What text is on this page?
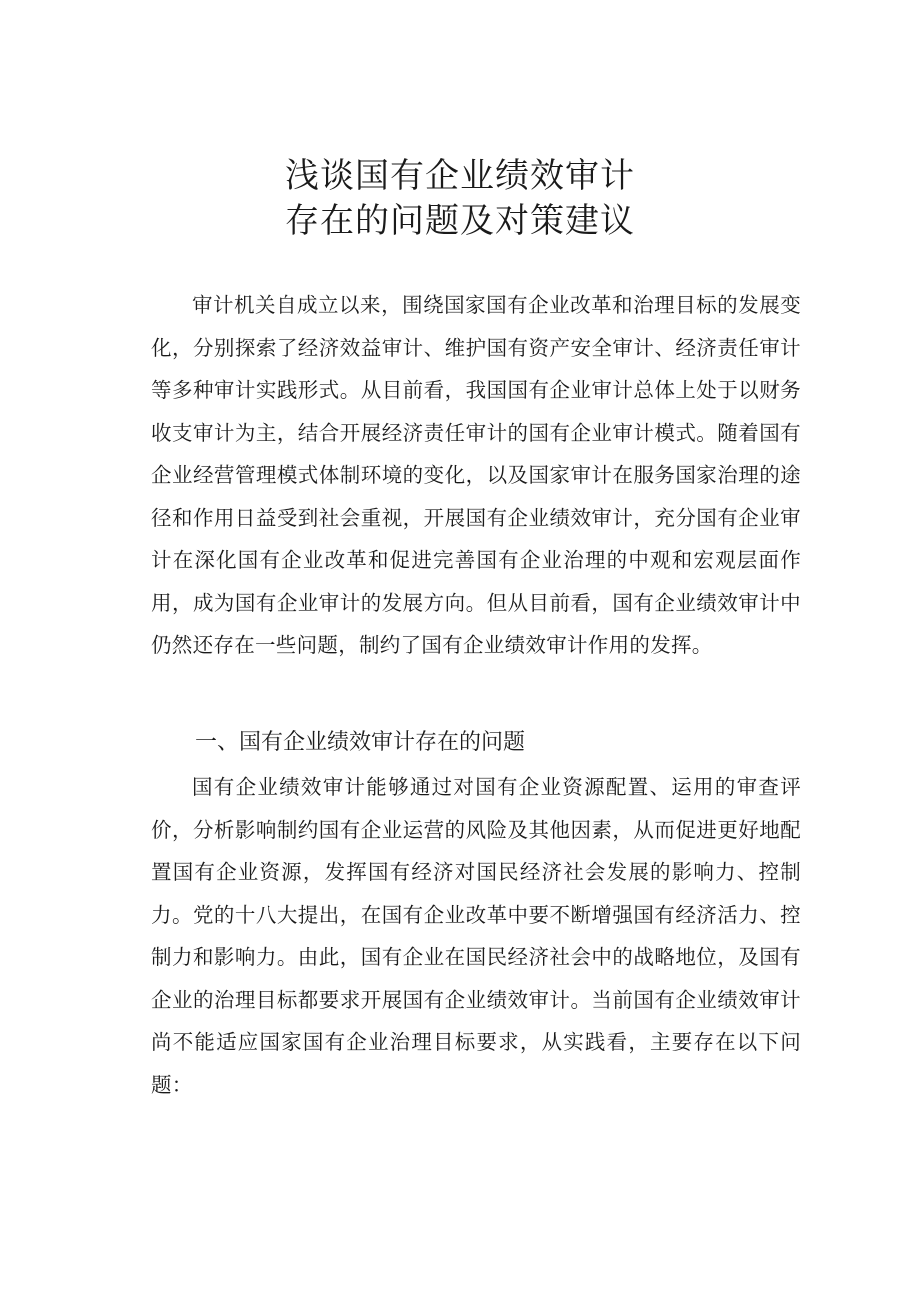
浅谈国有企业绩效审计
存在的问题及对策建议

审计机关自成立以来，围绕国家国有企业改革和治理目标的发展变化，分别探索了经济效益审计、维护国有资产安全审计、经济责任审计等多种审计实践形式。从目前看，我国国有企业审计总体上处于以财务收支审计为主，结合开展经济责任审计的国有企业审计模式。随着国有企业经营管理模式体制环境的变化，以及国家审计在服务国家治理的途径和作用日益受到社会重视，开展国有企业绩效审计，充分国有企业审计在深化国有企业改革和促进完善国有企业治理的中观和宏观层面作用，成为国有企业审计的发展方向。但从目前看，国有企业绩效审计中仍然还存在一些问题，制约了国有企业绩效审计作用的发挥。

一、国有企业绩效审计存在的问题

国有企业绩效审计能够通过对国有企业资源配置、运用的审查评价，分析影响制约国有企业运营的风险及其他因素，从而促进更好地配置国有企业资源，发挥国有经济对国民经济社会发展的影响力、控制力。党的十八大提出，在国有企业改革中要不断增强国有经济活力、控制力和影响力。由此，国有企业在国民经济社会中的战略地位，及国有企业的治理目标都要求开展国有企业绩效审计。当前国有企业绩效审计尚不能适应国家国有企业治理目标要求，从实践看，主要存在以下问题：
